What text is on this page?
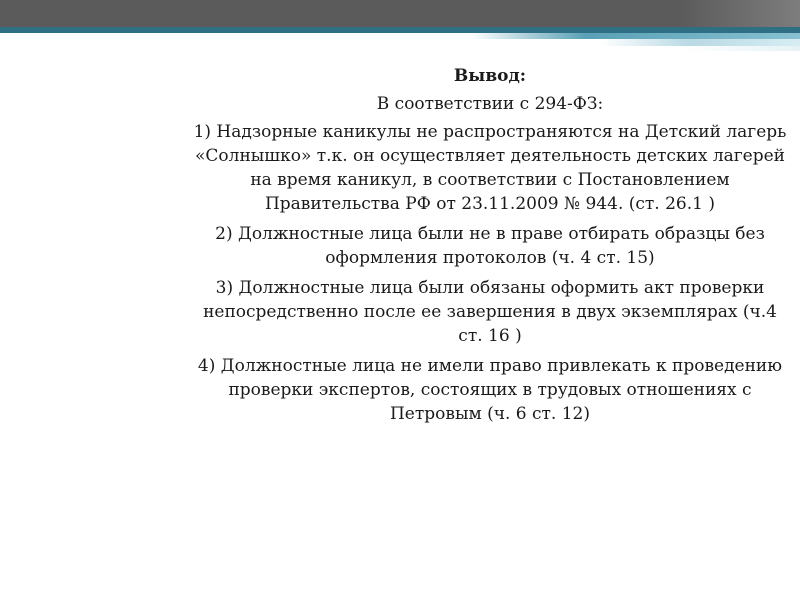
Вывод:
В соответствии с 294-ФЗ:
1) Надзорные каникулы не распространяются на Детский лагерь «Солнышко» т.к. он осуществляет деятельность детских лагерей на время каникул, в соответствии с Постановлением Правительства РФ от 23.11.2009 № 944. (ст. 26.1 )
2) Должностные лица были не в праве отбирать образцы без оформления протоколов (ч. 4 ст. 15)
3) Должностные лица были обязаны оформить акт проверки непосредственно после ее завершения в двух экземплярах (ч.4 ст. 16 )
4) Должностные лица не имели право привлекать к проведению проверки экспертов, состоящих в трудовых отношениях с Петровым (ч. 6 ст. 12)
